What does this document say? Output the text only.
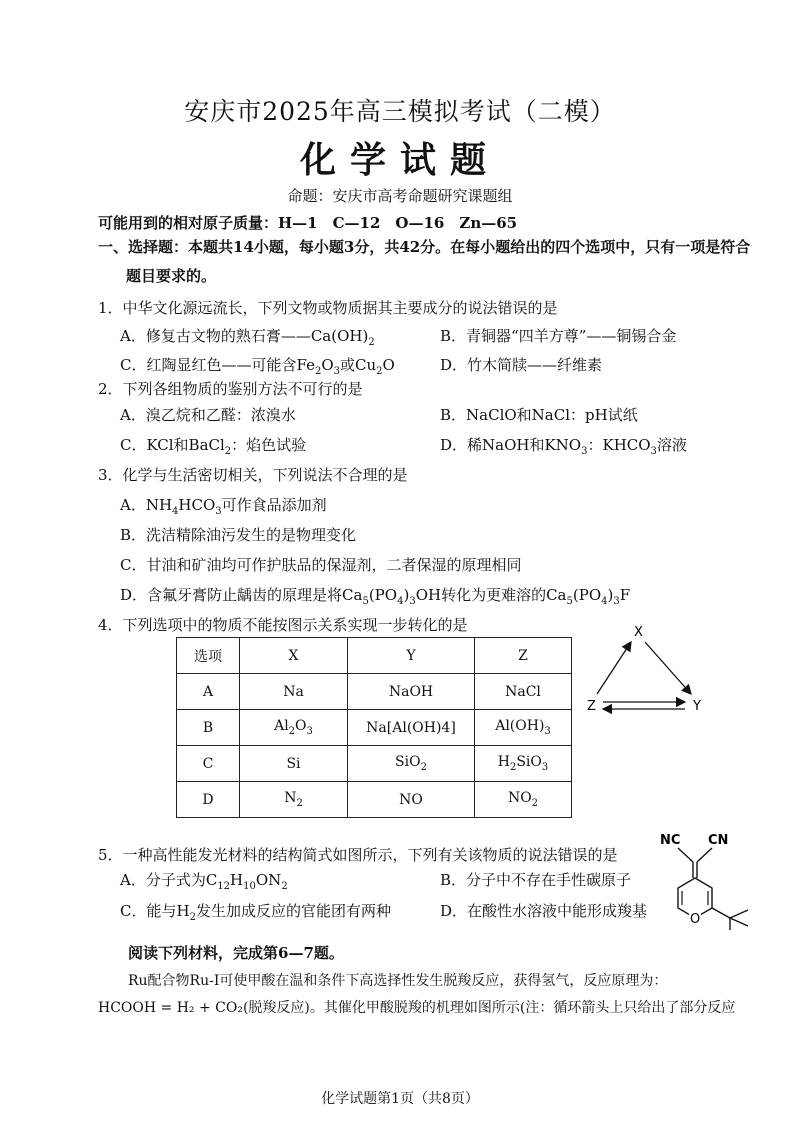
安庆市2025年高三模拟考试（二模）
化学试题
命题：安庆市高考命题研究课题组
可能用到的相对原子质量：H—1　C—12　O—16　Zn—65
一、选择题：本题共14小题，每小题3分，共42分。在每小题给出的四个选项中，只有一项是符合
题目要求的。
1．中华文化源远流长，下列文物或物质据其主要成分的说法错误的是
A．修复古文物的熟石膏$——Ca(OH)_2$	B．青铜器“四羊方尊”——铜锡合金
C．红陶显红色——可能含$Fe_2O_3$或$Cu_2O$	D．竹木简牍——纤维素
2．下列各组物质的鉴别方法不可行的是
A．溴乙烷和乙醛：浓溴水	B．NaClO和NaCl：pH试纸
C．KCl和BaCl$_2$：焰色试验	D．稀NaOH和$KNO_3$：$KHCO_3$溶液
3．化学与生活密切相关，下列说法不合理的是
A．$NH_4HCO_3$可作食品添加剂
B．洗洁精除油污发生的是物理变化
C．甘油和矿油均可作护肤品的保湿剂，二者保湿的原理相同
D．含氟牙膏防止龋齿的原理是将$Ca_5(PO_4)_3OH$转化为更难溶的$Ca_5(PO_4)_3F$
4．下列选项中的物质不能按图示关系实现一步转化的是
选项	X	Y	Z
A	Na	NaOH	NaCl
B	$Al_2O_3$	Na[Al(OH)4]	$Al(OH)_3$
C	Si	SiO$_2$	$H_2SiO_3$
D	$N_2$	NO	$NO_2$
X
Z	Y
5．一种高性能发光材料的结构简式如图所示，下列有关该物质的说法错误的是
A．分子式为$C_{12}H_{10}ON_2$	B．分子中不存在手性碳原子
C．能与$H_2$发生加成反应的官能团有两种	D．在酸性水溶液中能形成羧基
NC CN
O
阅读下列材料，完成第6—7题。
Ru配合物Ru-I可使甲酸在温和条件下高选择性发生脱羧反应，获得氢气，反应原理为：
HCOOH = H₂ + CO₂(脱羧反应)。其催化甲酸脱羧的机理如图所示(注：循环箭头上只给出了部分反应
化学试题第1页（共8页）
